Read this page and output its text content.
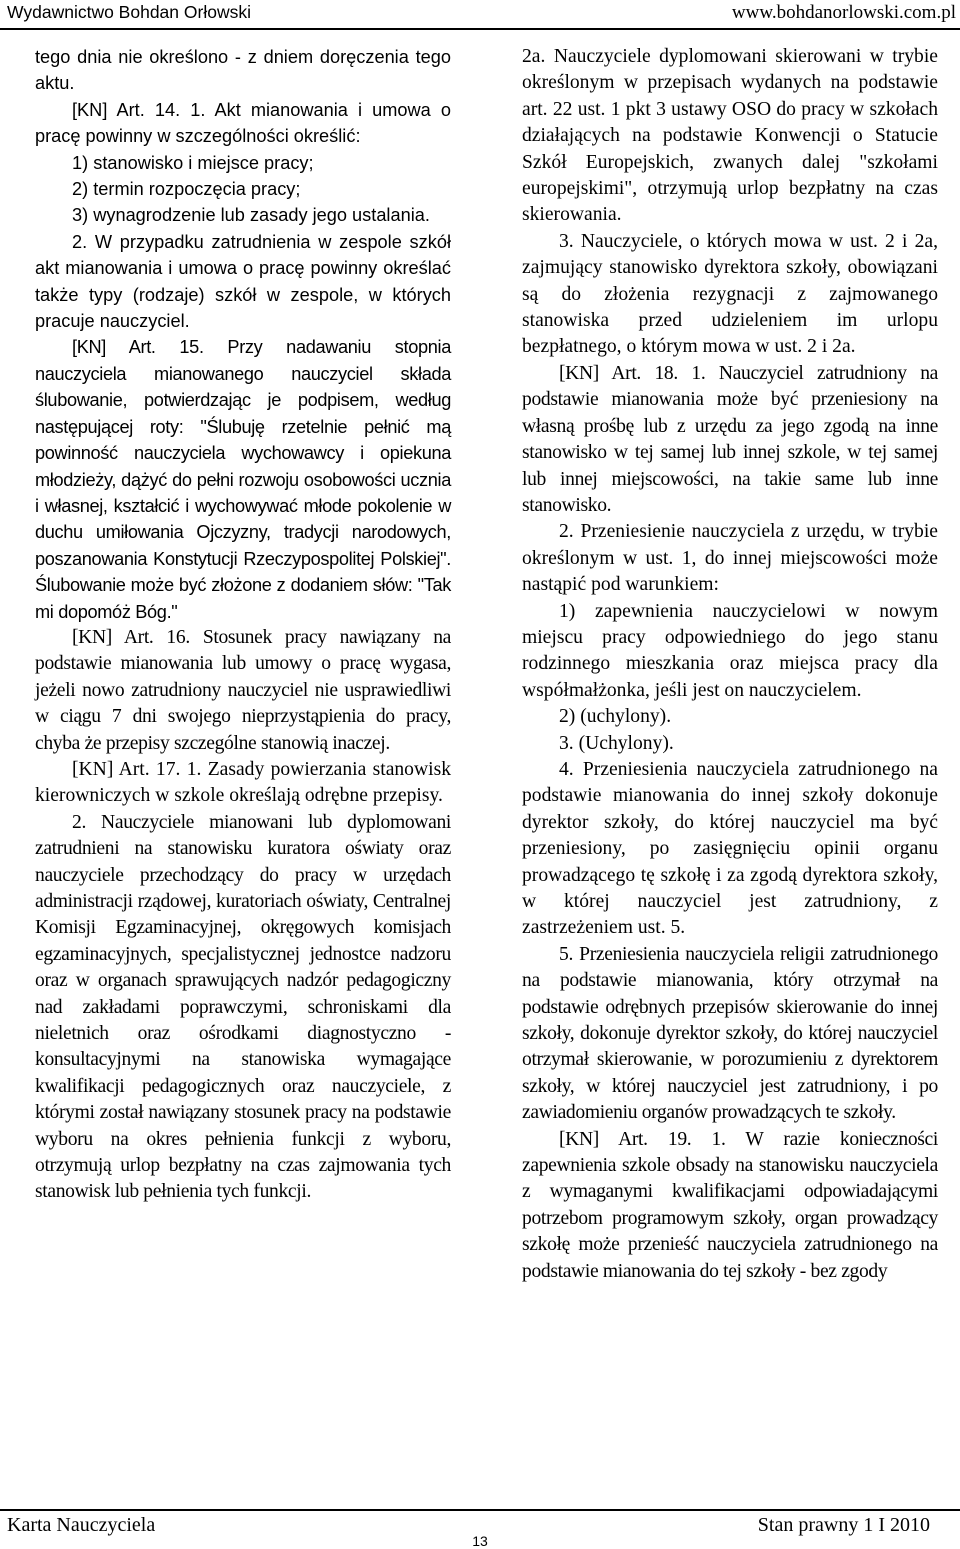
Wydawnictwo Bohdan Orłowski	www.bohdanorlowski.com.pl

tego dnia nie określono - z dniem doręczenia tego aktu.

[KN] Art. 14. 1. Akt mianowania i umowa o pracę powinny w szczególności określić:

1) stanowisko i miejsce pracy;

2) termin rozpoczęcia pracy;

3) wynagrodzenie lub zasady jego ustalania.

2. W przypadku zatrudnienia w zespole szkół akt mianowania i umowa o pracę powinny określać także typy (rodzaje) szkół w zespole, w których pracuje nauczyciel.

[KN] Art. 15. Przy nadawaniu stopnia nauczyciela mianowanego nauczyciel składa ślubowanie, potwierdzając je podpisem, według następującej roty: "Ślubuję rzetelnie pełnić mą powinność nauczyciela wychowawcy i opiekuna młodzieży, dążyć do pełni rozwoju osobowości ucznia i własnej, kształcić i wychowywać młode pokolenie w duchu umiłowania Ojczyzny, tradycji narodowych, poszanowania Konstytucji Rzeczypospolitej Polskiej". Ślubowanie może być złożone z dodaniem słów: "Tak mi dopomóż Bóg."

[KN] Art. 16. Stosunek pracy nawiązany na podstawie mianowania lub umowy o pracę wygasa, jeżeli nowo zatrudniony nauczyciel nie usprawiedliwi w ciągu 7 dni swojego nieprzystąpienia do pracy, chyba że przepisy szczególne stanowią inaczej.

[KN] Art. 17. 1. Zasady powierzania stanowisk kierowniczych w szkole określają odrębne przepisy.

2. Nauczyciele mianowani lub dyplomowani zatrudnieni na stanowisku kuratora oświaty oraz nauczyciele przechodzący do pracy w urzędach administracji rządowej, kuratoriach oświaty, Centralnej Komisji Egzaminacyjnej, okręgowych komisjach egzaminacyjnych, specjalistycznej jednostce nadzoru oraz w organach sprawujących nadzór pedagogiczny nad zakładami poprawczymi, schroniskami dla nieletnich oraz ośrodkami diagnostyczno - konsultacyjnymi na stanowiska wymagające kwalifikacji pedagogicznych oraz nauczyciele, z którymi został nawiązany stosunek pracy na podstawie wyboru na okres pełnienia funkcji z wyboru, otrzymują urlop bezpłatny na czas zajmowania tych stanowisk lub pełnienia tych funkcji.

2a. Nauczyciele dyplomowani skierowani w trybie określonym w przepisach wydanych na podstawie art. 22 ust. 1 pkt 3 ustawy OSO do pracy w szkołach działających na podstawie Konwencji o Statucie Szkół Europejskich, zwanych dalej "szkołami europejskimi", otrzymują urlop bezpłatny na czas skierowania.

3. Nauczyciele, o których mowa w ust. 2 i 2a, zajmujący stanowisko dyrektora szkoły, obowiązani są do złożenia rezygnacji z zajmowanego stanowiska przed udzieleniem im urlopu bezpłatnego, o którym mowa w ust. 2 i 2a.

[KN] Art. 18. 1. Nauczyciel zatrudniony na podstawie mianowania może być przeniesiony na własną prośbę lub z urzędu za jego zgodą na inne stanowisko w tej samej lub innej szkole, w tej samej lub innej miejscowości, na takie same lub inne stanowisko.

2. Przeniesienie nauczyciela z urzędu, w trybie określonym w ust. 1, do innej miejscowości może nastąpić pod warunkiem:

1) zapewnienia nauczycielowi w nowym miejscu pracy odpowiedniego do jego stanu rodzinnego mieszkania oraz miejsca pracy dla współmałżonka, jeśli jest on nauczycielem.

2) (uchylony).

3. (Uchylony).

4. Przeniesienia nauczyciela zatrudnionego na podstawie mianowania do innej szkoły dokonuje dyrektor szkoły, do której nauczyciel ma być przeniesiony, po zasięgnięciu opinii organu prowadzącego tę szkołę i za zgodą dyrektora szkoły, w której nauczyciel jest zatrudniony, z zastrzeżeniem ust. 5.

5. Przeniesienia nauczyciela religii zatrudnionego na podstawie mianowania, który otrzymał na podstawie odrębnych przepisów skierowanie do innej szkoły, dokonuje dyrektor szkoły, do której nauczyciel otrzymał skierowanie, w porozumieniu z dyrektorem szkoły, w której nauczyciel jest zatrudniony, i po zawiadomieniu organów prowadzących te szkoły.

[KN] Art. 19. 1. W razie konieczności zapewnienia szkole obsady na stanowisku nauczyciela z wymaganymi kwalifikacjami odpowiadającymi potrzebom programowym szkoły, organ prowadzący szkołę może przenieść nauczyciela zatrudnionego na podstawie mianowania do tej szkoły - bez zgody

Karta Nauczyciela
13
Stan prawny 1 I 2010
